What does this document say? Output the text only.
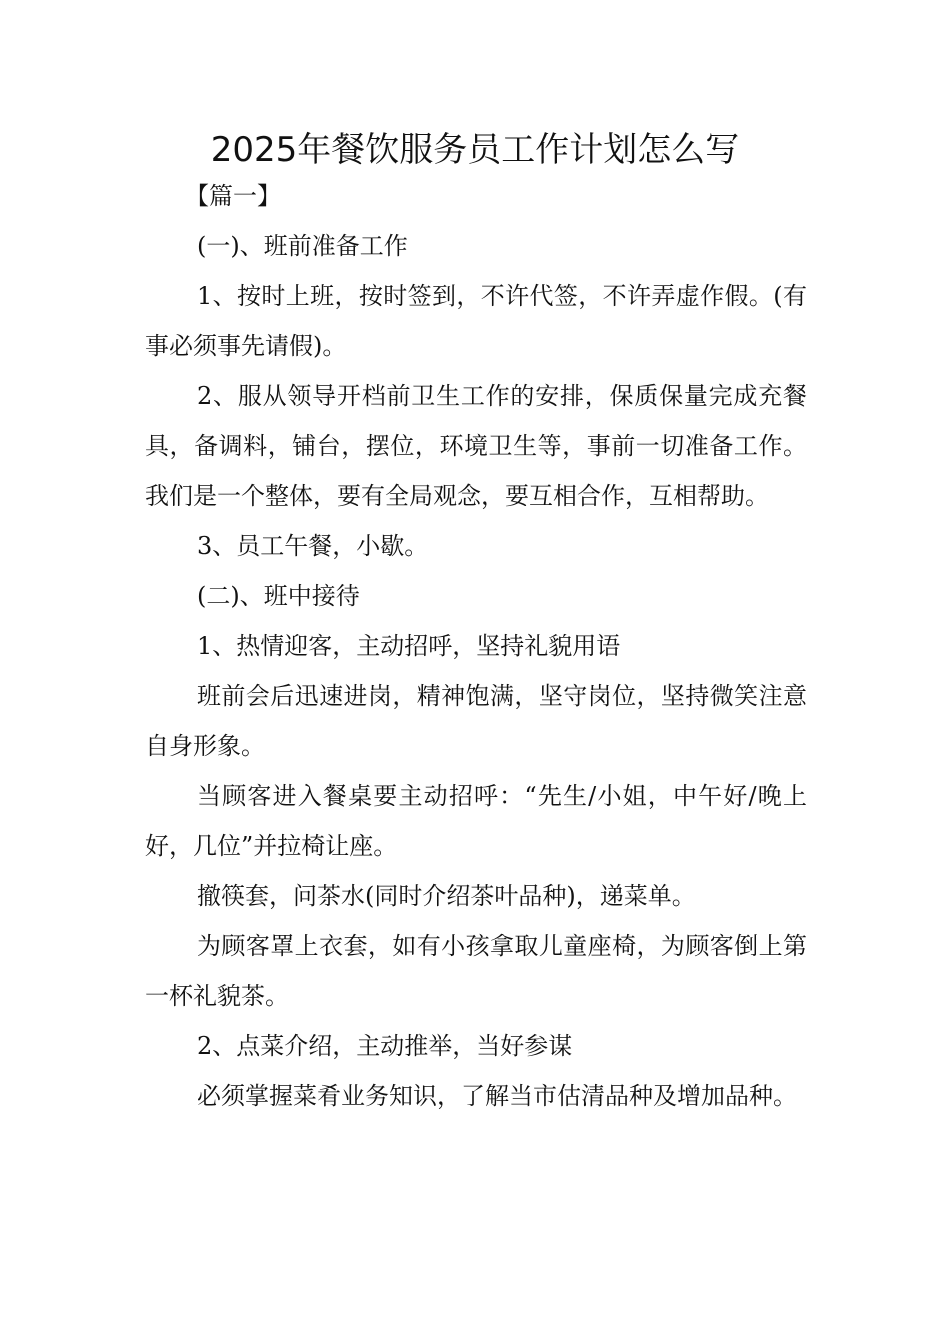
2025年餐饮服务员工作计划怎么写

【篇一】

(一)、班前准备工作

1、按时上班，按时签到，不许代签，不许弄虚作假。(有事必须事先请假)。

2、服从领导开档前卫生工作的安排，保质保量完成充餐具，备调料，铺台，摆位，环境卫生等，事前一切准备工作。我们是一个整体，要有全局观念，要互相合作，互相帮助。

3、员工午餐，小歇。

(二)、班中接待

1、热情迎客，主动招呼，坚持礼貌用语

班前会后迅速进岗，精神饱满，坚守岗位，坚持微笑注意自身形象。

当顾客进入餐桌要主动招呼：“先生/小姐，中午好/晚上好，几位”并拉椅让座。

撤筷套，问茶水(同时介绍茶叶品种)，递菜单。

为顾客罩上衣套，如有小孩拿取儿童座椅，为顾客倒上第一杯礼貌茶。

2、点菜介绍，主动推举，当好参谋

必须掌握菜肴业务知识，了解当市估清品种及增加品种。
